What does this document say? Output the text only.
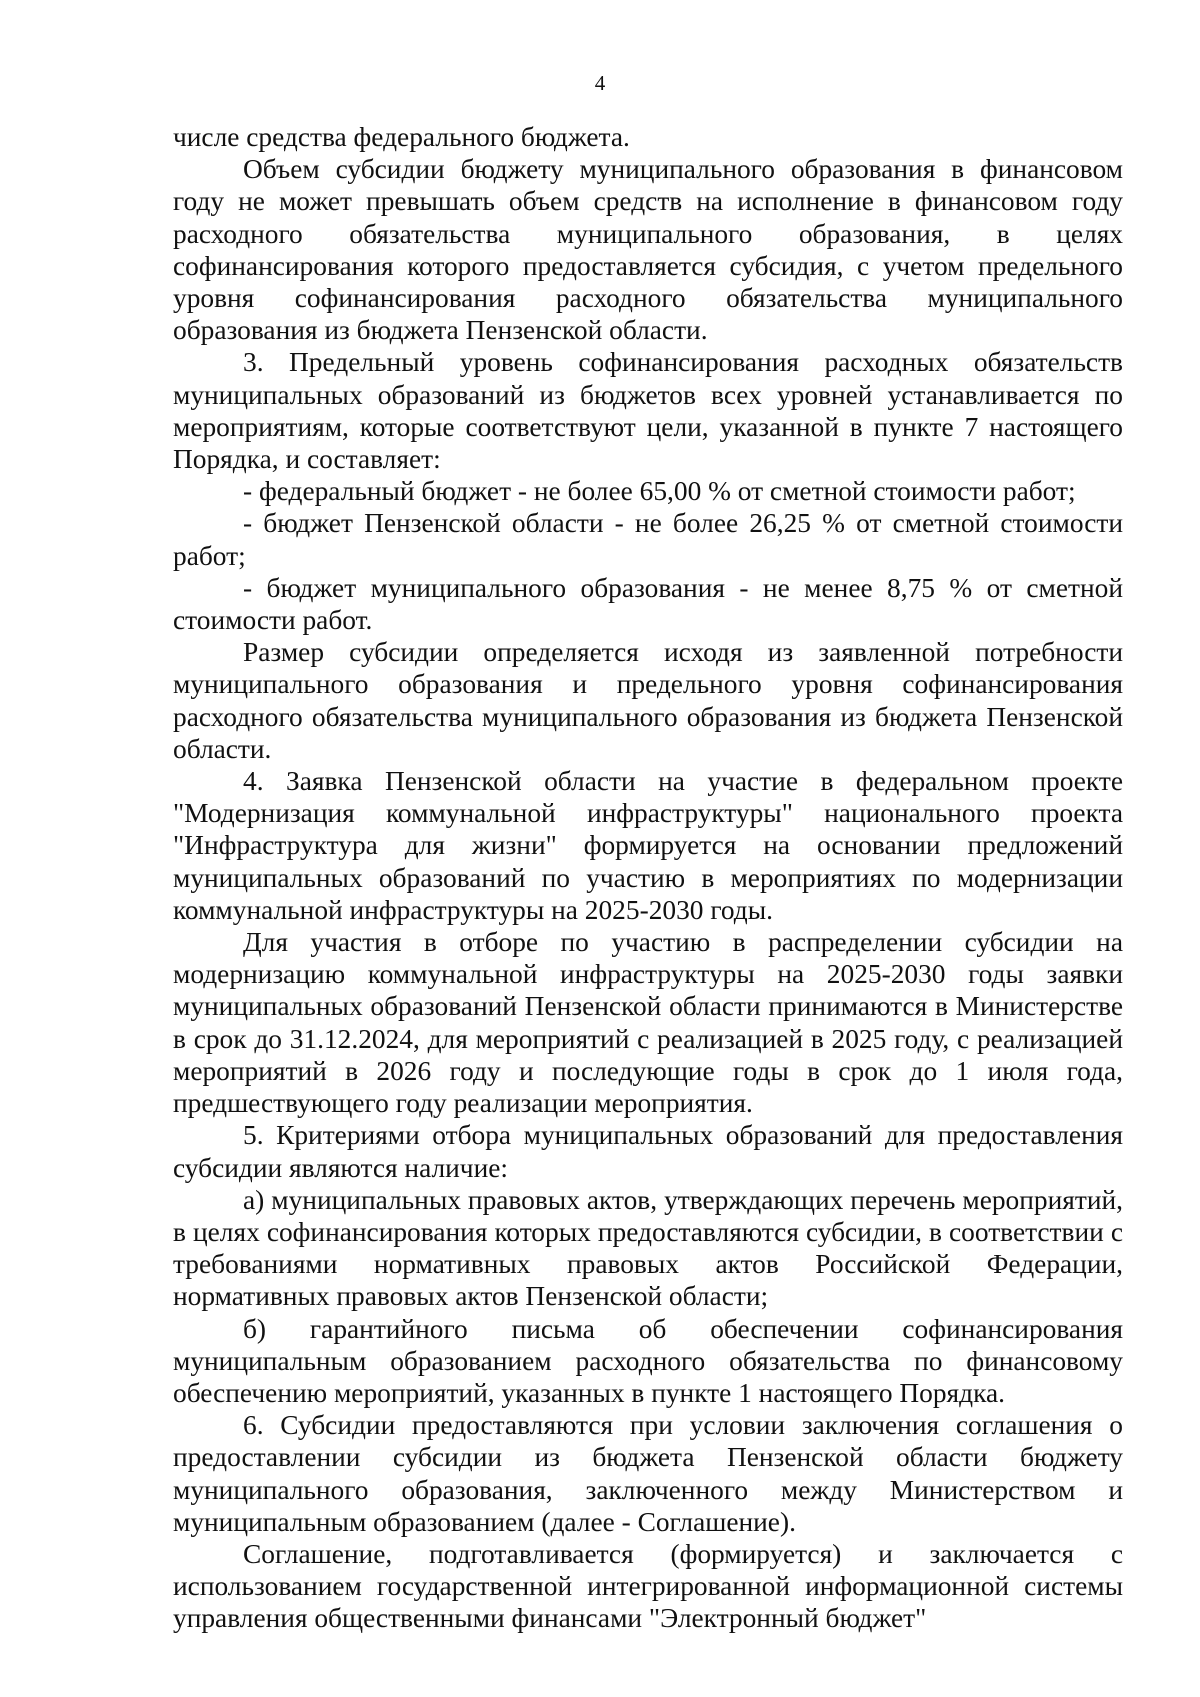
4

числе средства федерального бюджета.

Объем субсидии бюджету муниципального образования в финансовом году не может превышать объем средств на исполнение в финансовом году расходного обязательства муниципального образования, в целях софинансирования которого предоставляется субсидия, с учетом предельного уровня софинансирования расходного обязательства муниципального образования из бюджета Пензенской области.

3. Предельный уровень софинансирования расходных обязательств муниципальных образований из бюджетов всех уровней устанавливается по мероприятиям, которые соответствуют цели, указанной в пункте 7 настоящего Порядка, и составляет:

- федеральный бюджет - не более 65,00 % от сметной стоимости работ;

- бюджет Пензенской области - не более 26,25 % от сметной стоимости работ;

- бюджет муниципального образования - не менее 8,75 % от сметной стоимости работ.

Размер субсидии определяется исходя из заявленной потребности муниципального образования и предельного уровня софинансирования расходного обязательства муниципального образования из бюджета Пензенской области.

4. Заявка Пензенской области на участие в федеральном проекте "Модернизация коммунальной инфраструктуры" национального проекта "Инфраструктура для жизни" формируется на основании предложений муниципальных образований по участию в мероприятиях по модернизации коммунальной инфраструктуры на 2025-2030 годы.

Для участия в отборе по участию в распределении субсидии на модернизацию коммунальной инфраструктуры на 2025-2030 годы заявки муниципальных образований Пензенской области принимаются в Министерстве в срок до 31.12.2024, для мероприятий с реализацией в 2025 году, с реализацией мероприятий в 2026 году и последующие годы в срок до 1 июля года, предшествующего году реализации мероприятия.

5. Критериями отбора муниципальных образований для предоставления субсидии являются наличие:

а) муниципальных правовых актов, утверждающих перечень мероприятий, в целях софинансирования которых предоставляются субсидии, в соответствии с требованиями нормативных правовых актов Российской Федерации, нормативных правовых актов Пензенской области;

б) гарантийного письма об обеспечении софинансирования муниципальным образованием расходного обязательства по финансовому обеспечению мероприятий, указанных в пункте 1 настоящего Порядка.

6. Субсидии предоставляются при условии заключения соглашения о предоставлении субсидии из бюджета Пензенской области бюджету муниципального образования, заключенного между Министерством и муниципальным образованием (далее - Соглашение).

Соглашение, подготавливается (формируется) и заключается с использованием государственной интегрированной информационной системы управления общественными финансами "Электронный бюджет"
